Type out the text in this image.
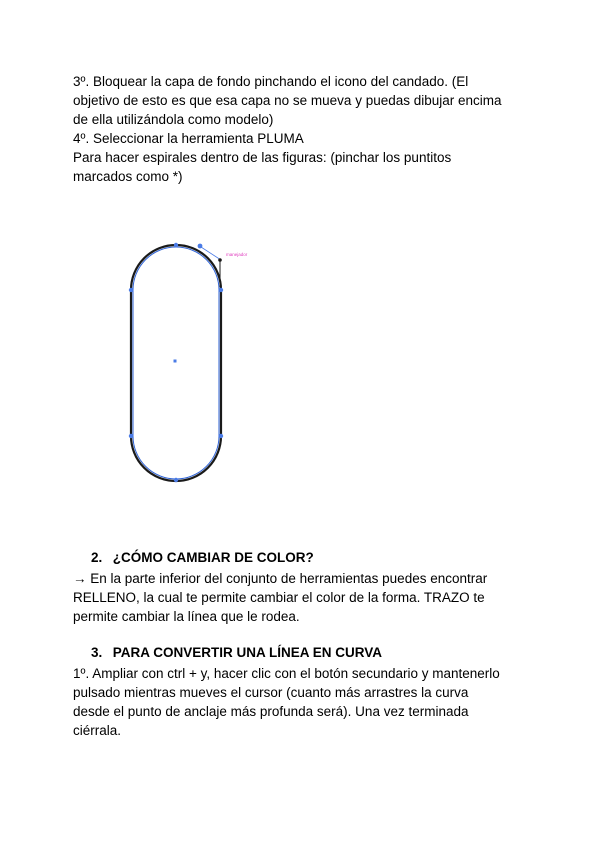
3º. Bloquear la capa de fondo pinchando el icono del candado. (El

objetivo de esto es que esa capa no se mueva y puedas dibujar encima

de ella utilizándola como modelo)

4º. Seleccionar la herramienta PLUMA

Para hacer espirales dentro de las figuras: (pinchar los puntitos

marcados como *)

manejador

2. ¿CÓMO CAMBIAR DE COLOR?

→ En la parte inferior del conjunto de herramientas puedes encontrar

RELLENO, la cual te permite cambiar el color de la forma. TRAZO te

permite cambiar la línea que le rodea.

3. PARA CONVERTIR UNA LÍNEA EN CURVA

1º. Ampliar con ctrl + y, hacer clic con el botón secundario y mantenerlo

pulsado mientras mueves el cursor (cuanto más arrastres la curva

desde el punto de anclaje más profunda será). Una vez terminada

ciérrala.
